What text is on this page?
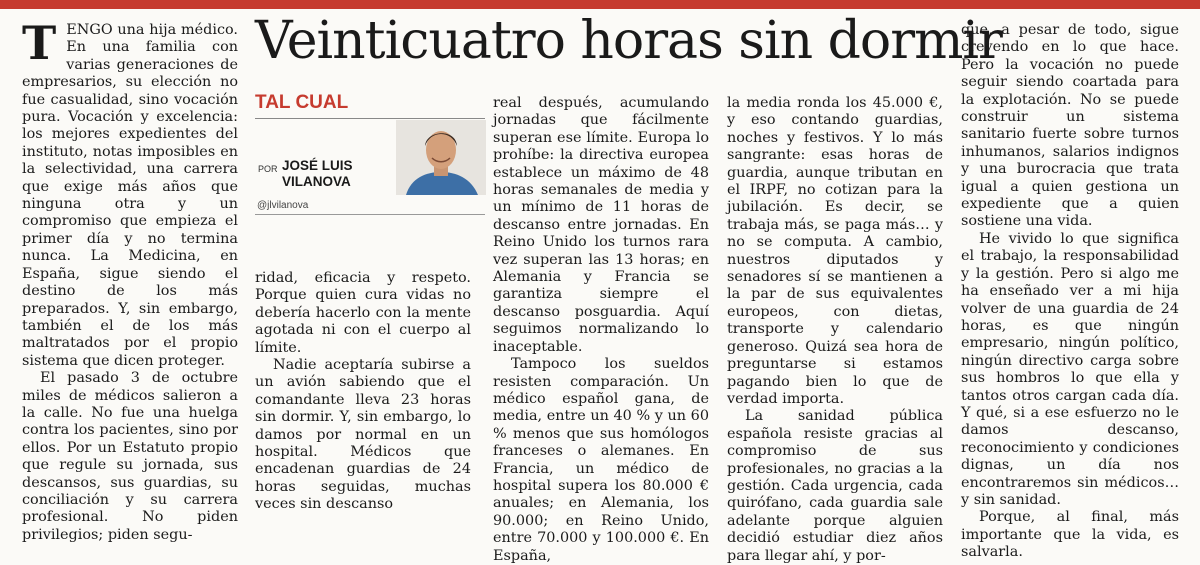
Veinticuatro horas sin dormir
TAL CUAL
POR JOSÉ LUIS
VILANOVA
@jlvilanova

TENGO una hija médico. En una familia con varias generaciones de empresarios, su elección no fue casualidad, sino vocación pura. Vocación y excelencia: los mejores expedientes del instituto, notas imposibles en la selectividad, una carrera que exige más años que ninguna otra y un compromiso que empieza el primer día y no termina nunca. La Medicina, en España, sigue siendo el destino de los más preparados. Y, sin embargo, también el de los más maltratados por el propio sistema que dicen proteger.

El pasado 3 de octubre miles de médicos salieron a la calle. No fue una huelga contra los pacientes, sino por ellos. Por un Estatuto propio que regule su jornada, sus descansos, sus guardias, su conciliación y su carrera profesional. No piden privilegios; piden segu-

ridad, eficacia y respeto. Porque quien cura vidas no debería hacerlo con la mente agotada ni con el cuerpo al límite.

Nadie aceptaría subirse a un avión sabiendo que el comandante lleva 23 horas sin dormir. Y, sin embargo, lo damos por normal en un hospital. Médicos que encadenan guardias de 24 horas seguidas, muchas veces sin descanso

real después, acumulando jornadas que fácilmente superan ese límite. Europa lo prohíbe: la directiva europea establece un máximo de 48 horas semanales de media y un mínimo de 11 horas de descanso entre jornadas. En Reino Unido los turnos rara vez superan las 13 horas; en Alemania y Francia se garantiza siempre el descanso posguardia. Aquí seguimos normalizando lo inaceptable.

Tampoco los sueldos resisten comparación. Un médico español gana, de media, entre un 40 % y un 60 % menos que sus homólogos franceses o alemanes. En Francia, un médico de hospital supera los 80.000 € anuales; en Alemania, los 90.000; en Reino Unido, entre 70.000 y 100.000 €. En España,

la media ronda los 45.000 €, y eso contando guardias, noches y festivos. Y lo más sangrante: esas horas de guardia, aunque tributan en el IRPF, no cotizan para la jubilación. Es decir, se trabaja más, se paga más… y no se computa. A cambio, nuestros diputados y senadores sí se mantienen a la par de sus equivalentes europeos, con dietas, transporte y calendario generoso. Quizá sea hora de preguntarse si estamos pagando bien lo que de verdad importa.

La sanidad pública española resiste gracias al compromiso de sus profesionales, no gracias a la gestión. Cada urgencia, cada quirófano, cada guardia sale adelante porque alguien decidió estudiar diez años para llegar ahí, y por-

que, a pesar de todo, sigue creyendo en lo que hace. Pero la vocación no puede seguir siendo coartada para la explotación. No se puede construir un sistema sanitario fuerte sobre turnos inhumanos, salarios indignos y una burocracia que trata igual a quien gestiona un expediente que a quien sostiene una vida.

He vivido lo que significa el trabajo, la responsabilidad y la gestión. Pero si algo me ha enseñado ver a mi hija volver de una guardia de 24 horas, es que ningún empresario, ningún político, ningún directivo carga sobre sus hombros lo que ella y tantos otros cargan cada día. Y qué, si a ese esfuerzo no le damos descanso, reconocimiento y condiciones dignas, un día nos encontraremos sin médicos… y sin sanidad.

Porque, al final, más importante que la vida, es salvarla.
